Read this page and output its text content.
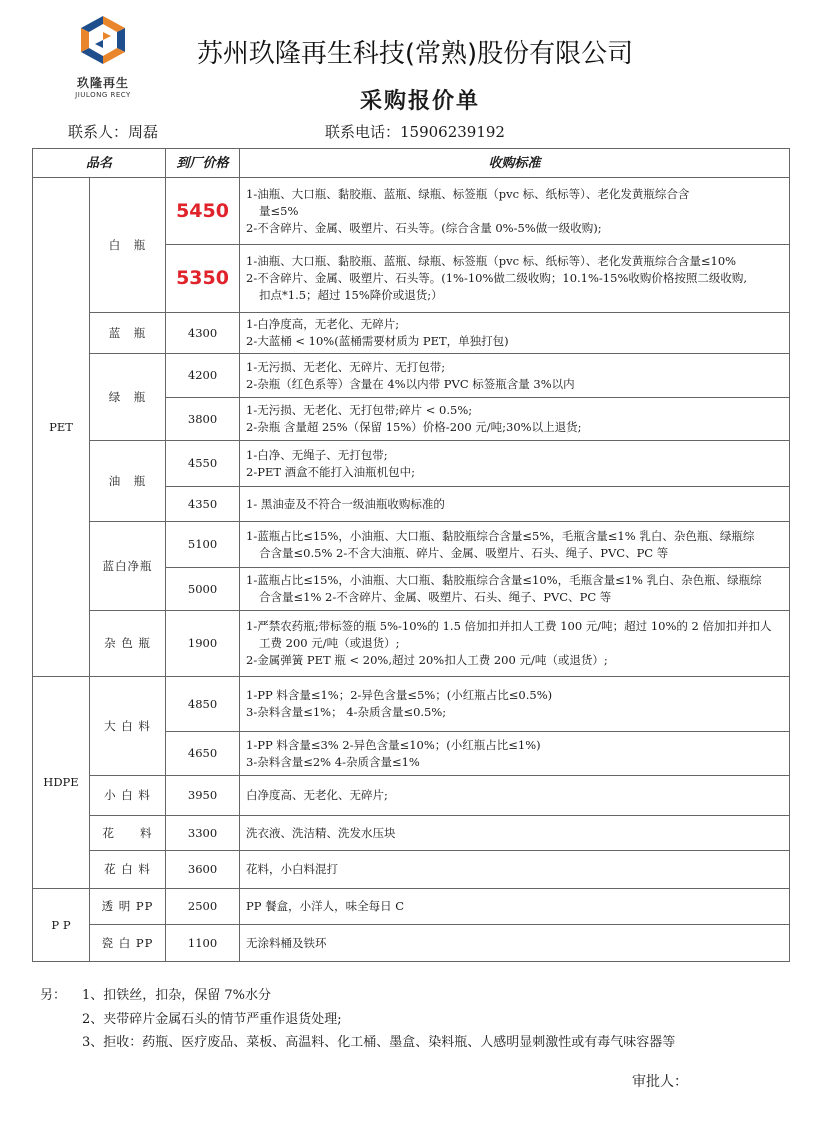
玖隆再生
JIULONG RECY
苏州玖隆再生科技(常熟)股份有限公司
采购报价单
联系人：周磊	联系电话：15906239192
品名		到厂价格	收购标准
PET	白　瓶	5450	1-油瓶、大口瓶、黏胶瓶、蓝瓶、绿瓶、标签瓶（pvc 标、纸标等）、老化发黄瓶综合含
量≤5%
2-不含碎片、金属、吸塑片、石头等。(综合含量 0%-5%做一级收购);

		5350	1-油瓶、大口瓶、黏胶瓶、蓝瓶、绿瓶、标签瓶（pvc 标、纸标等）、老化发黄瓶综合含量≤10%
2-不含碎片、金属、吸塑片、石头等。(1%-10%做二级收购；10.1%-15%收购价格按照二级收购,
扣点*1.5；超过 15%降价或退货;）

	蓝　瓶	4300	1-白净度高，无老化、无碎片;
2-大蓝桶 < 10%(蓝桶需要材质为 PET，单独打包)

	绿　瓶	4200	1-无污损、无老化、无碎片、无打包带;
2-杂瓶（红色系等）含量在 4%以内带 PVC 标签瓶含量 3%以内

		3800	1-无污损、无老化、无打包带;碎片 < 0.5%;
2-杂瓶 含量超 25%（保留 15%）价格-200 元/吨;30%以上退货;

	油　瓶	4550	1-白净、无绳子、无打包带;
2-PET 酒盒不能打入油瓶机包中;

		4350	1- 黑油壶及不符合一级油瓶收购标准的

	蓝白净瓶	5100	1-蓝瓶占比≤15%，小油瓶、大口瓶、黏胶瓶综合含量≤5%，毛瓶含量≤1% 乳白、杂色瓶、绿瓶综
合含量≤0.5% 2-不含大油瓶、碎片、金属、吸塑片、石头、绳子、PVC、PC 等

		5000	1-蓝瓶占比≤15%，小油瓶、大口瓶、黏胶瓶综合含量≤10%，毛瓶含量≤1% 乳白、杂色瓶、绿瓶综
合含量≤1% 2-不含碎片、金属、吸塑片、石头、绳子、PVC、PC 等

	杂 色 瓶	1900	1-严禁农药瓶;带标签的瓶 5%-10%的 1.5 倍加扣并扣人工费 100 元/吨；超过 10%的 2 倍加扣并扣人
工费 200 元/吨（或退货）;
2-金属弹簧 PET 瓶 < 20%,超过 20%扣人工费 200 元/吨（或退货）;

HDPE	大 白 料	4850	1-PP 料含量≤1%；2-异色含量≤5%；(小红瓶占比≤0.5%)
3-杂料含量≤1%； 4-杂质含量≤0.5%;

		4650	1-PP 料含量≤3% 2-异色含量≤10%；(小红瓶占比≤1%)
3-杂料含量≤2% 4-杂质含量≤1%

	小 白 料	3950	白净度高、无老化、无碎片;

	花　　料	3300	洗衣液、洗洁精、洗发水压块

	花 白 料	3600	花料，小白料混打

P P	透 明 PP	2500	PP 餐盒，小洋人，味全每日 C

	瓷 白 PP	1100	无涂料桶及铁环
另： 1、扣铁丝，扣杂，保留 7%水分
2、夹带碎片金属石头的情节严重作退货处理;
3、拒收：药瓶、医疗废品、菜板、高温料、化工桶、墨盒、染料瓶、人感明显刺激性或有毒气味容器等
审批人：
